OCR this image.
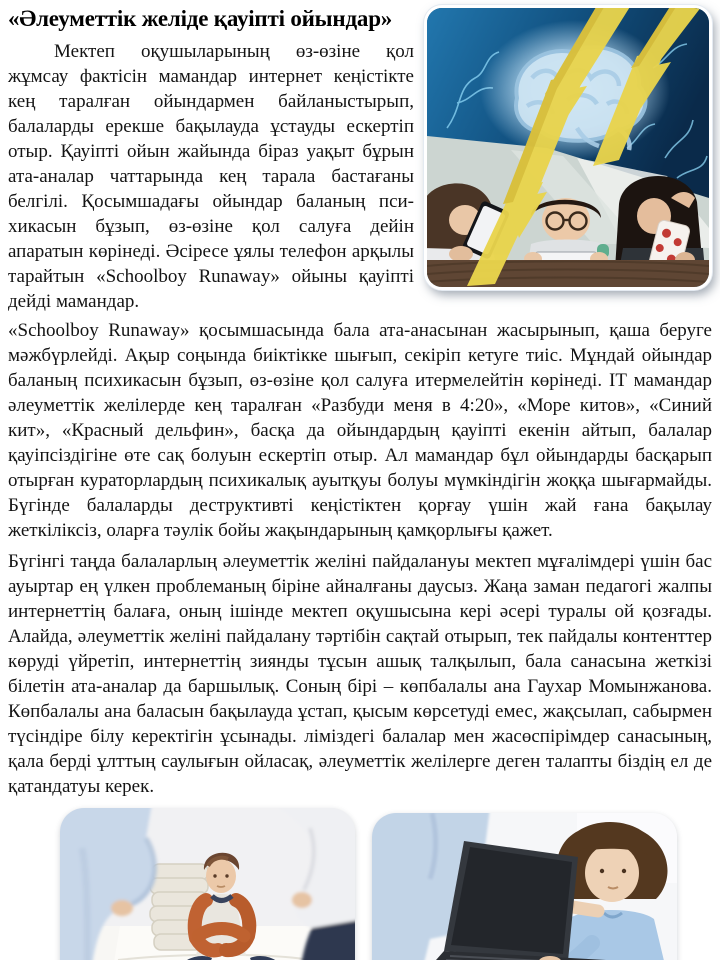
«Әлеуметтік желіде қауіпті ойындар»

Мектеп оқушыларының өз-өзіне қол жұмсау фактісін мамандар интернет кеңістікте кең таралған ойындармен байланыстырып, балаларды ерекше бақылауда ұстауды ескертіп отыр. Қауіпті ойын жайында біраз уақыт бұрын ата-аналар чаттарында кең тарала бастағаны белгілі. Қосымшадағы ойындар баланың пси-хикасын бұзып, өз-өзіне қол салуға дейін апаратын көрінеді. Әсіресе ұялы телефон арқылы тарайтын «Schoolboy Runaway» ойыны қауіпті дейді мамандар.

«Schoolboy Runaway» қосымшасында бала ата-анасынан жасырынып, қаша беруге мәжбүрлейді. Ақыр соңында биіктікке шығып, секіріп кетуге тиіс. Мұндай ойындар баланың психикасын бұзып, өз-өзіне қол салуға итермелейтін көрінеді. IT мамандар әлеуметтік желілерде кең таралған «Разбуди меня в 4:20», «Море китов», «Синий кит», «Красный дельфин», басқа да ойындардың қауіпті екенін айтып, балалар қауіпсіздігіне өте сақ болуын ескертіп отыр. Ал мамандар бұл ойындарды басқарып отырған кураторлардың психикалық ауытқуы болуы мүмкіндігін жоққа шығармайды. Бүгінде балаларды деструктивті кеңістіктен қорғау үшін жай ғана бақылау жеткіліксіз, оларға тәулік бойы жақындарының қамқорлығы қажет.

Бүгінгі таңда балаларлың әлеуметтік желіні пайдалануы мектеп мұғалімдері үшін бас ауыртар ең үлкен проблеманың біріне айналғаны даусыз. Жаңа заман педагогі жалпы интернеттің балаға, оның ішінде мектеп оқушысына кері әсері туралы ой қозғады. Алайда, әлеуметтік желіні пайдалану тәртібін сақтай отырып, тек пайдалы контенттер көруді үйретіп, интернеттің зиянды тұсын ашық талқылып, бала санасына жеткізі білетін ата-аналар да баршылық. Соның бірі – көпбалалы ана Гаухар Момынжанова. Көпбалалы ана баласын бақылауда ұстап, қысым көрсетуді емес, жақсылап, сабырмен түсіндіре білу керектігін ұсынады. ліміздегі балалар мен жасөспірімдер санасының, қала берді ұлттың саулығын ойласақ, әлеуметтік желілерге деген талапты біздің ел де қатандатуы керек.
